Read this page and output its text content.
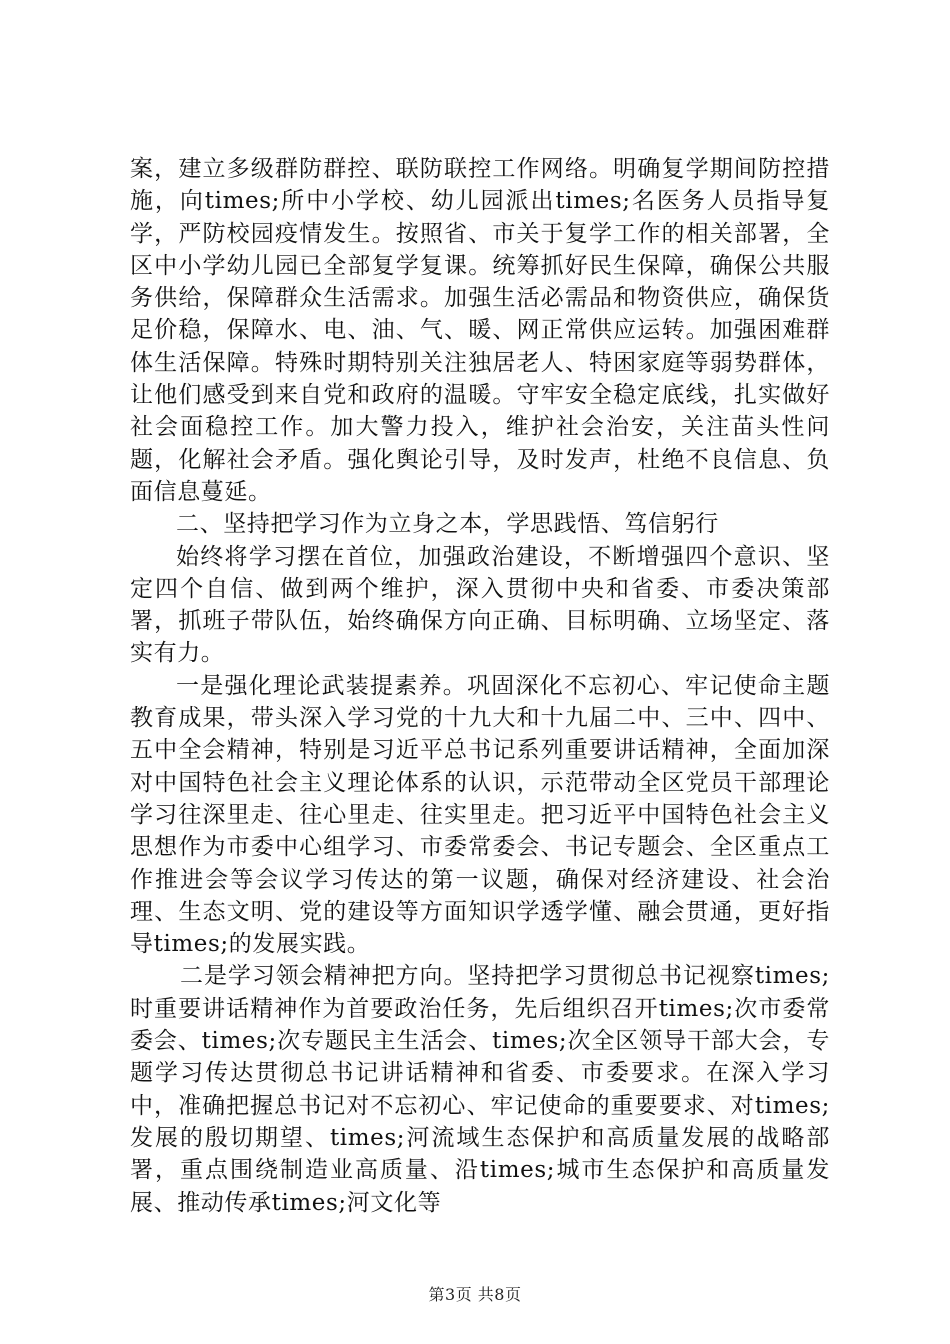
案，建立多级群防群控、联防联控工作网络。明确复学期间防控措施，向times;所中小学校、幼儿园派出times;名医务人员指导复学，严防校园疫情发生。按照省、市关于复学工作的相关部署，全区中小学幼儿园已全部复学复课。统筹抓好民生保障，确保公共服务供给，保障群众生活需求。加强生活必需品和物资供应，确保货足价稳，保障水、电、油、气、暖、网正常供应运转。加强困难群体生活保障。特殊时期特别关注独居老人、特困家庭等弱势群体，让他们感受到来自党和政府的温暖。守牢安全稳定底线，扎实做好社会面稳控工作。加大警力投入，维护社会治安，关注苗头性问题，化解社会矛盾。强化舆论引导，及时发声，杜绝不良信息、负面信息蔓延。

二、坚持把学习作为立身之本，学思践悟、笃信躬行

始终将学习摆在首位，加强政治建设，不断增强四个意识、坚定四个自信、做到两个维护，深入贯彻中央和省委、市委决策部署，抓班子带队伍，始终确保方向正确、目标明确、立场坚定、落实有力。

一是强化理论武装提素养。巩固深化不忘初心、牢记使命主题教育成果，带头深入学习党的十九大和十九届二中、三中、四中、五中全会精神，特别是习近平总书记系列重要讲话精神，全面加深对中国特色社会主义理论体系的认识，示范带动全区党员干部理论学习往深里走、往心里走、往实里走。把习近平中国特色社会主义思想作为市委中心组学习、市委常委会、书记专题会、全区重点工作推进会等会议学习传达的第一议题，确保对经济建设、社会治理、生态文明、党的建设等方面知识学透学懂、融会贯通，更好指导times;的发展实践。

二是学习领会精神把方向。坚持把学习贯彻总书记视察times;时重要讲话精神作为首要政治任务，先后组织召开times;次市委常委会、times;次专题民主生活会、times;次全区领导干部大会，专题学习传达贯彻总书记讲话精神和省委、市委要求。在深入学习中，准确把握总书记对不忘初心、牢记使命的重要要求、对times;发展的殷切期望、times;河流域生态保护和高质量发展的战略部署，重点围绕制造业高质量、沿times;城市生态保护和高质量发展、推动传承times;河文化等

第3页 共8页
